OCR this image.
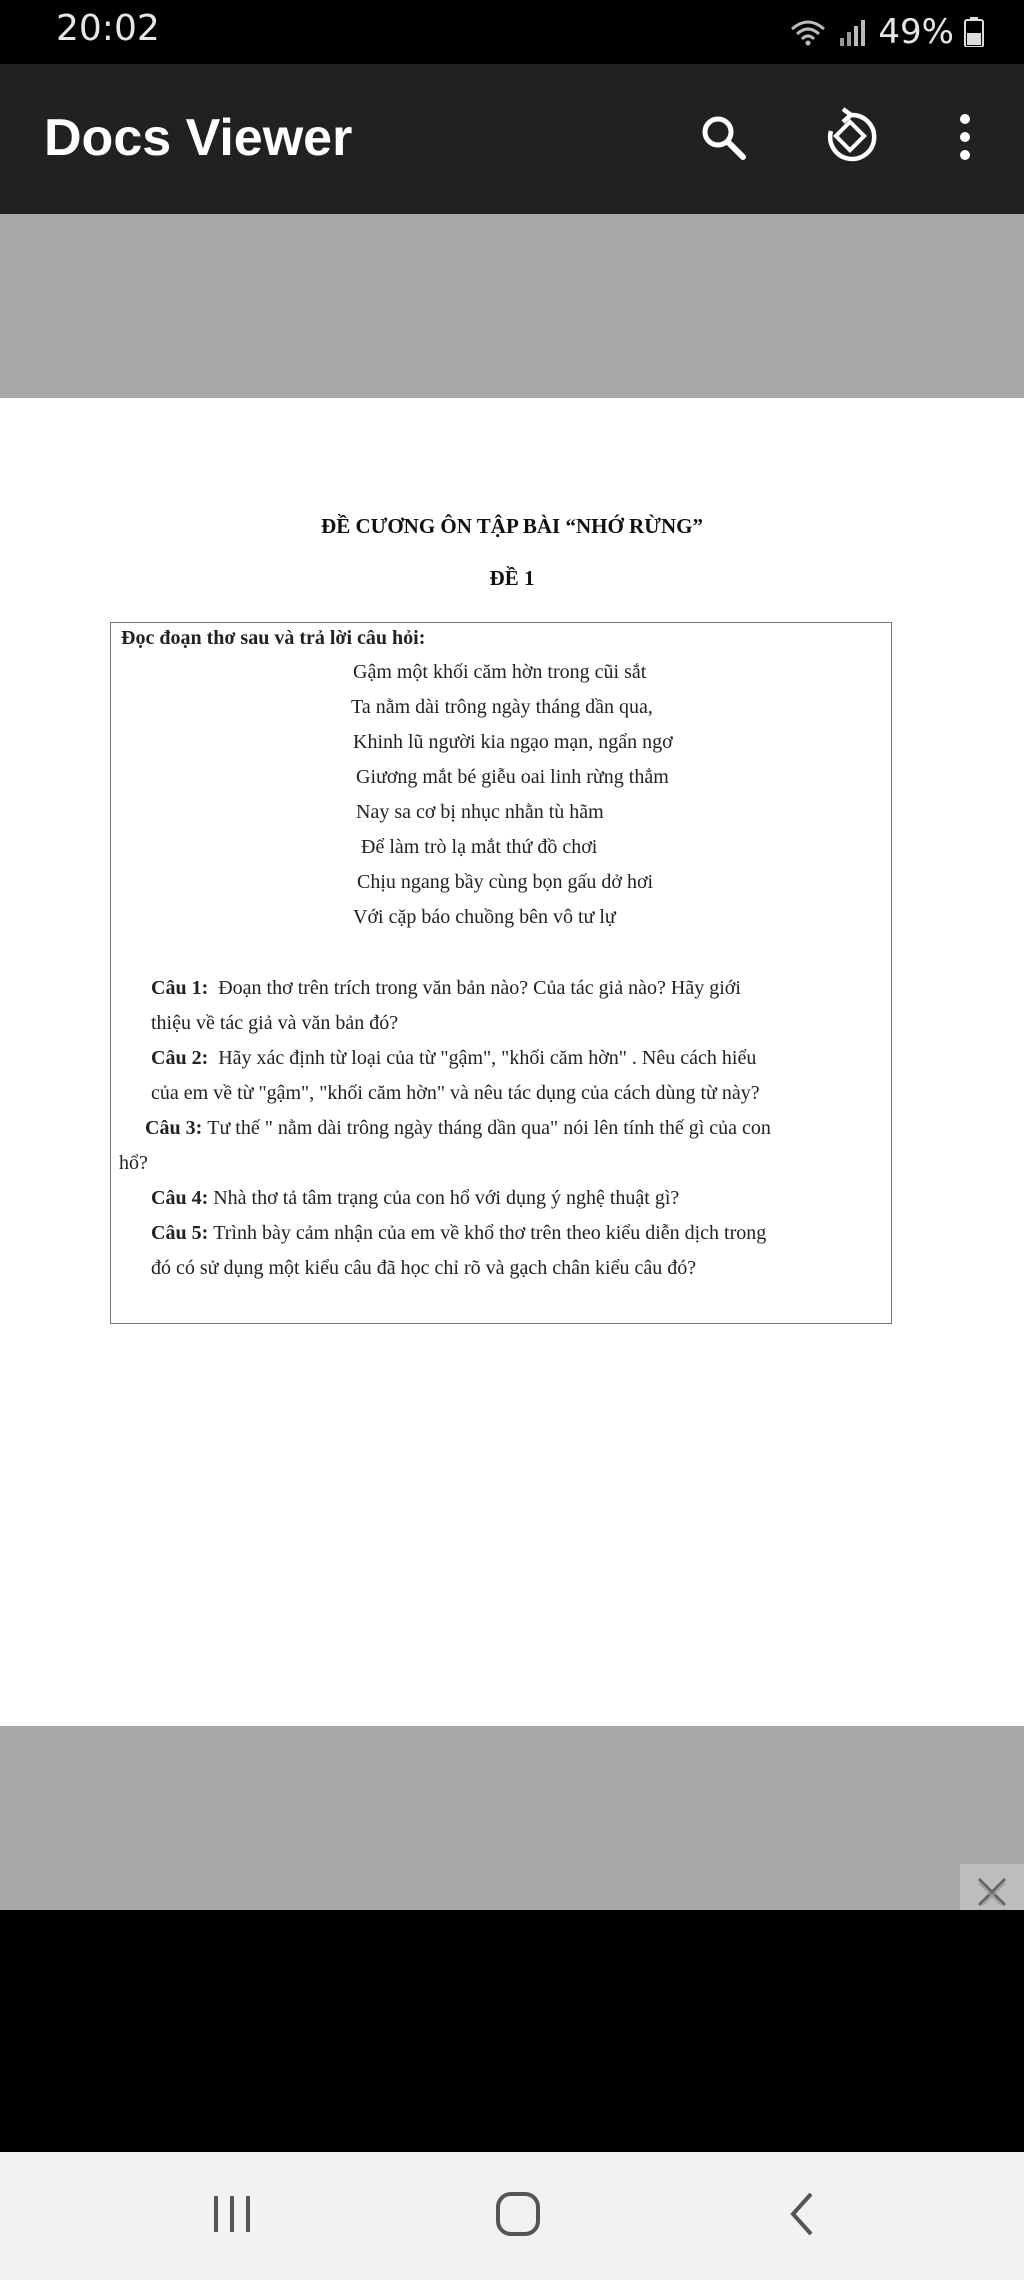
20:02	49%
Docs Viewer
ĐỀ CƯƠNG ÔN TẬP BÀI “NHỚ RỪNG”
ĐỀ 1
Đọc đoạn thơ sau và trả lời câu hỏi:
Gậm một khối căm hờn trong cũi sắt
Ta nằm dài trông ngày tháng dần qua,
Khinh lũ người kia ngạo mạn, ngẩn ngơ
Giương mắt bé giễu oai linh rừng thẳm
Nay sa cơ bị nhục nhằn tù hãm
Để làm trò lạ mắt thứ đồ chơi
Chịu ngang bầy cùng bọn gấu dở hơi
Với cặp báo chuồng bên vô tư lự
Câu 1: Đoạn thơ trên trích trong văn bản nào? Của tác giả nào? Hãy giới
thiệu về tác giả và văn bản đó?
Câu 2: Hãy xác định từ loại của từ "gậm", "khối căm hờn" . Nêu cách hiểu
của em về từ "gậm", "khối căm hờn" và nêu tác dụng của cách dùng từ này?
Câu 3: Tư thế " nằm dài trông ngày tháng dần qua" nói lên tính thế gì của con
hổ?
Câu 4: Nhà thơ tả tâm trạng của con hổ với dụng ý nghệ thuật gì?
Câu 5: Trình bày cảm nhận của em về khổ thơ trên theo kiểu diễn dịch trong
đó có sử dụng một kiểu câu đã học chỉ rõ và gạch chân kiểu câu đó?
